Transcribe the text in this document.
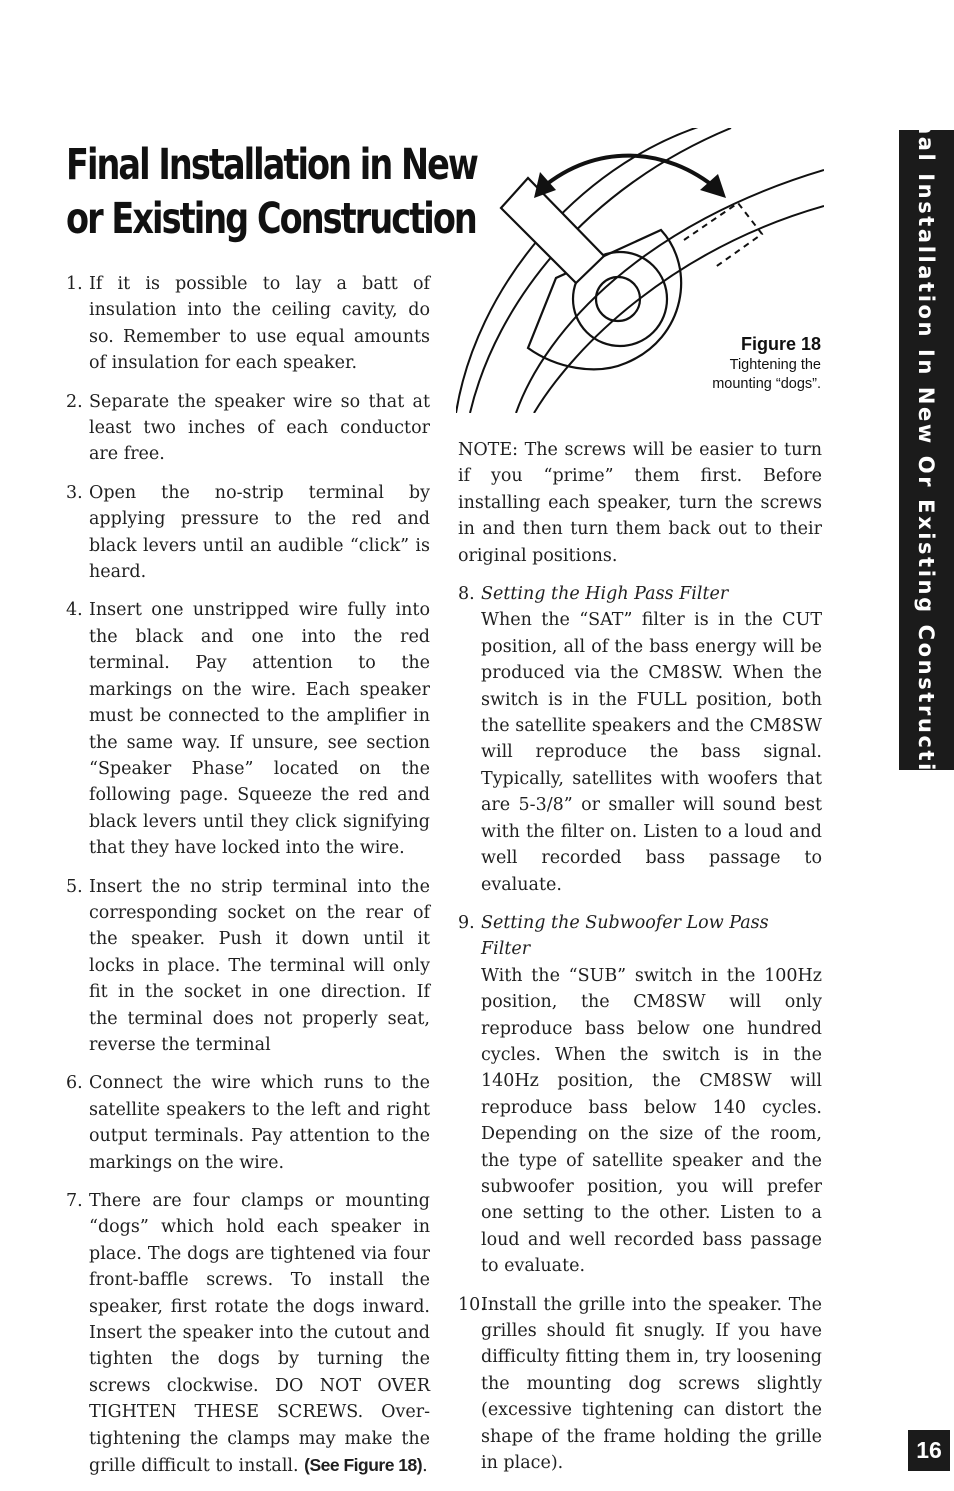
Final Installation in New
or Existing Construction
1. If it is possible to lay a batt of insulation into the ceiling cavity, do so. Remember to use equal amounts of insulation for each speaker.
2. Separate the speaker wire so that at least two inches of each conductor are free.
3. Open the no-strip terminal by applying pressure to the red and black levers until an audible “click” is heard.
4. Insert one unstripped wire fully into the black and one into the red terminal. Pay attention to the markings on the wire. Each speaker must be connected to the amplifier in the same way. If unsure, see section “Speaker Phase” located on the following page. Squeeze the red and black levers until they click signifying that they have locked into the wire.
5. Insert the no strip terminal into the corresponding socket on the rear of the speaker. Push it down until it locks in place. The terminal will only fit in the socket in one direction. If the terminal does not properly seat, reverse the terminal
6. Connect the wire which runs to the satellite speakers to the left and right output terminals. Pay attention to the markings on the wire.
7. There are four clamps or mounting “dogs” which hold each speaker in place. The dogs are tightened via four front-baffle screws. To install the speaker, first rotate the dogs inward. Insert the speaker into the cutout and tighten the dogs by turning the screws clockwise. DO NOT OVER TIGHTEN THESE SCREWS. Over-tightening the clamps may make the grille difficult to install. (See Figure 18).
Figure 18
Tightening the
mounting “dogs”.
NOTE: The screws will be easier to turn if you “prime” them first. Before installing each speaker, turn the screws in and then turn them back out to their original positions.
8. Setting the High Pass Filter
When the “SAT” filter is in the CUT position, all of the bass energy will be produced via the CM8SW. When the switch is in the FULL position, both the satellite speakers and the CM8SW will reproduce the bass signal. Typically, satellites with woofers that are 5-3/8” or smaller will sound best with the filter on. Listen to a loud and well recorded bass passage to evaluate.
9. Setting the Subwoofer Low Pass Filter
With the “SUB” switch in the 100Hz position, the CM8SW will only reproduce bass below one hundred cycles. When the switch is in the 140Hz position, the CM8SW will reproduce bass below 140 cycles. Depending on the size of the room, the type of satellite speaker and the subwoofer position, you will prefer one setting to the other. Listen to a loud and well recorded bass passage to evaluate.
10.
Install the grille into the speaker. The grilles should fit snugly. If you have difficulty fitting them in, try loosening the mounting dog screws slightly (excessive tightening can distort the shape of the frame holding the grille in place).
Final Installation In New Or Existing Construction
16
